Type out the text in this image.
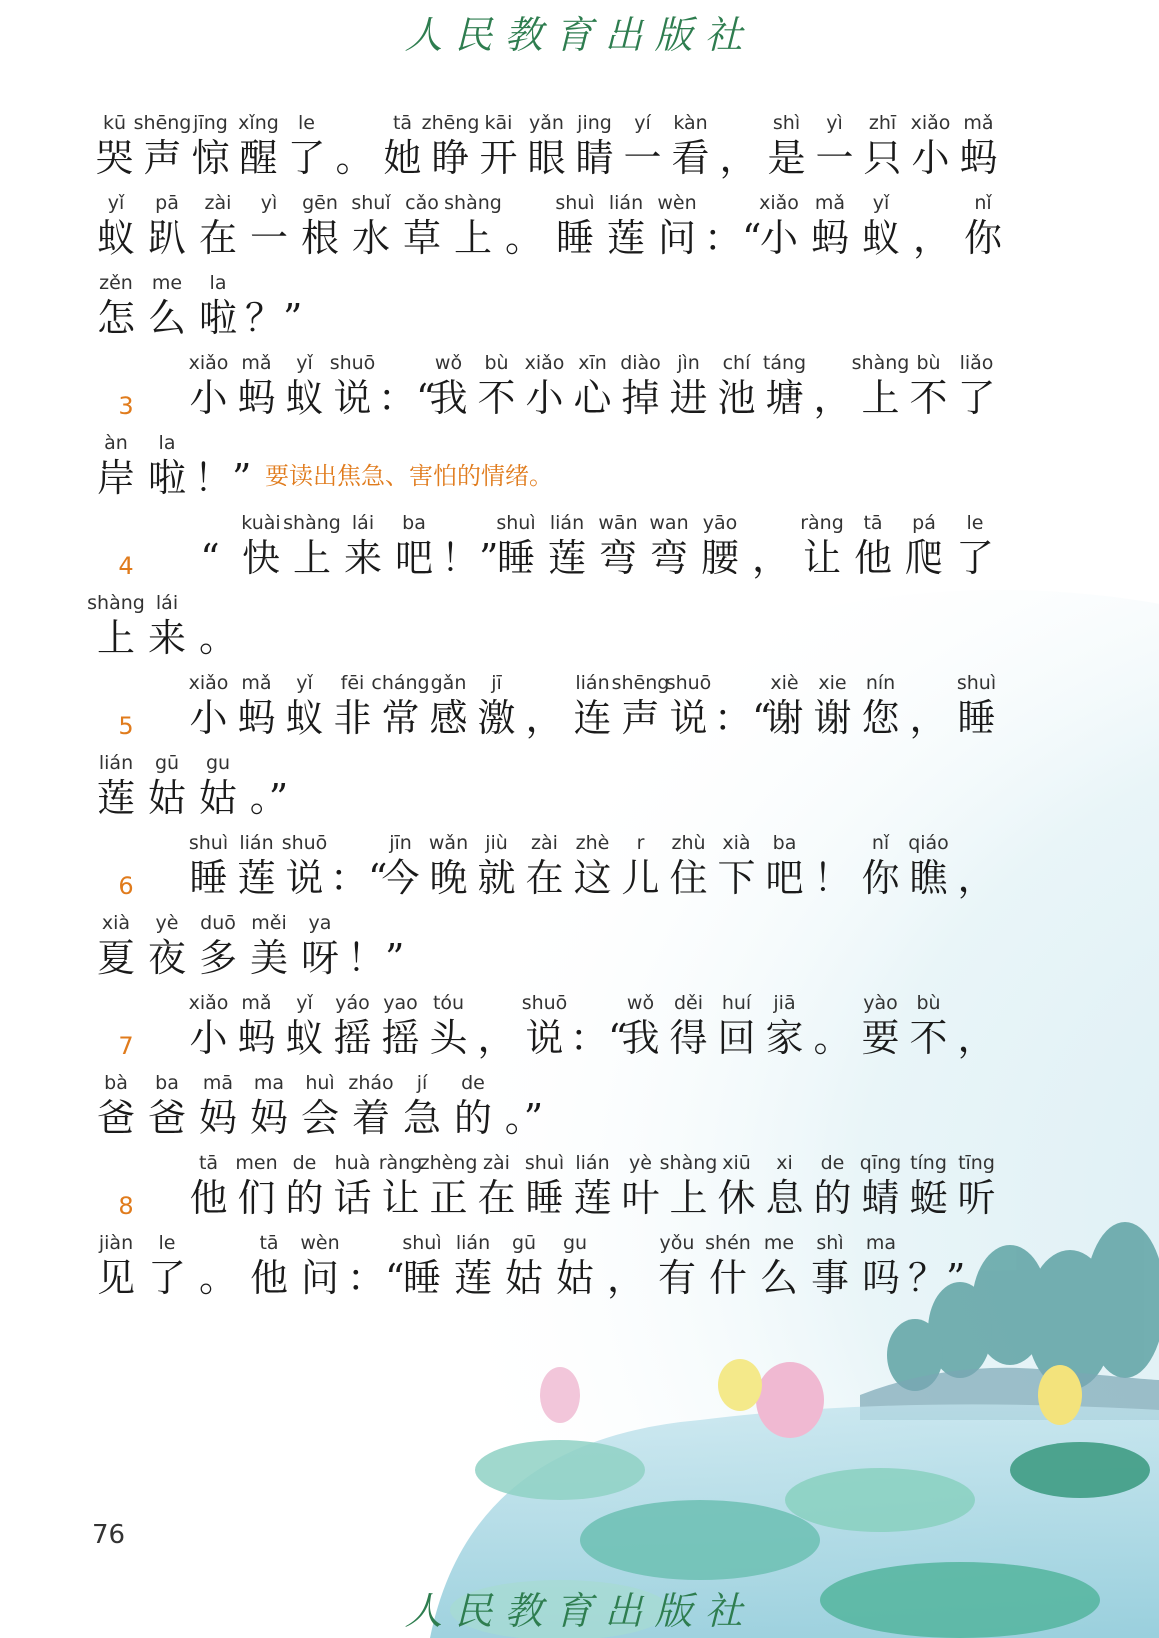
人民教育出版社
kū
哭
shēng
声
jīng
惊
xǐng
醒
le
了 。
tā
她
zhēng
睁
kāi
开
yǎn
眼
jing
睛
yí
一
kàn
看 ，
shì
是
yì
一
zhī
只
xiǎo
小
mǎ
蚂
yǐ
蚁
pā
趴
zài
在
yì
一
gēn
根
shuǐ
水
cǎo
草
shàng
上 。
shuì
睡
lián
莲
wèn
问 ：“
xiǎo
小
mǎ
蚂
yǐ
蚁 ，
nǐ
你
zěn
怎
me
么
la
啦 ？”
3
xiǎo
小
mǎ
蚂
yǐ
蚁
shuō
说 ：“
wǒ
我
bù
不
xiǎo
小
xīn
心
diào
掉
jìn
进
chí
池
táng
塘 ，
shàng
上
bù
不
liǎo
了
àn
岸
la
啦 ！” 要读出焦急、害怕的情绪。
4	“
kuài
快
shàng
上
lái
来
ba
吧 ！”
shuì
睡
lián
莲
wān
弯
wan
弯
yāo
腰 ，
ràng
让
tā
他
pá
爬
le
了
shàng
上
lái
来 。
5
xiǎo
小
mǎ
蚂
yǐ
蚁
fēi
非
cháng
常
gǎn
感
jī
激 ，
lián
连
shēng
声
shuō
说 ：“
xiè
谢
xie
谢
nín
您 ，
shuì
睡
lián
莲
gū
姑
gu
姑 。”
6
shuì
睡
lián
莲
shuō
说 ：“
jīn
今
wǎn
晚
jiù
就
zài
在
zhè
这
r
儿
zhù
住
xià
下
ba
吧 ！
nǐ
你
qiáo
瞧 ，
xià
夏
yè
夜
duō
多
měi
美
ya
呀 ！”
7
xiǎo
小
mǎ
蚂
yǐ
蚁
yáo
摇
yao
摇
tóu
头 ，
shuō
说 ：“
wǒ
我
děi
得
huí
回
jiā
家 。
yào
要
bù
不 ，
bà
爸
ba
爸
mā
妈
ma
妈
huì
会
zháo
着
jí
急
de
的 。”
8
tā
他
men
们
de
的
huà
话
ràng
让
zhèng
正
zài
在
shuì
睡
lián
莲
yè
叶
shàng
上
xiū
休
xi
息
de
的
qīng
蜻
tíng
蜓
tīng
听
jiàn
见
le
了 。
tā
他
wèn
问 ：“
shuì
睡
lián
莲
gū
姑
gu
姑 ，
yǒu
有
shén
什
me
么
shì
事
ma
吗 ？”
76
人民教育出版社
